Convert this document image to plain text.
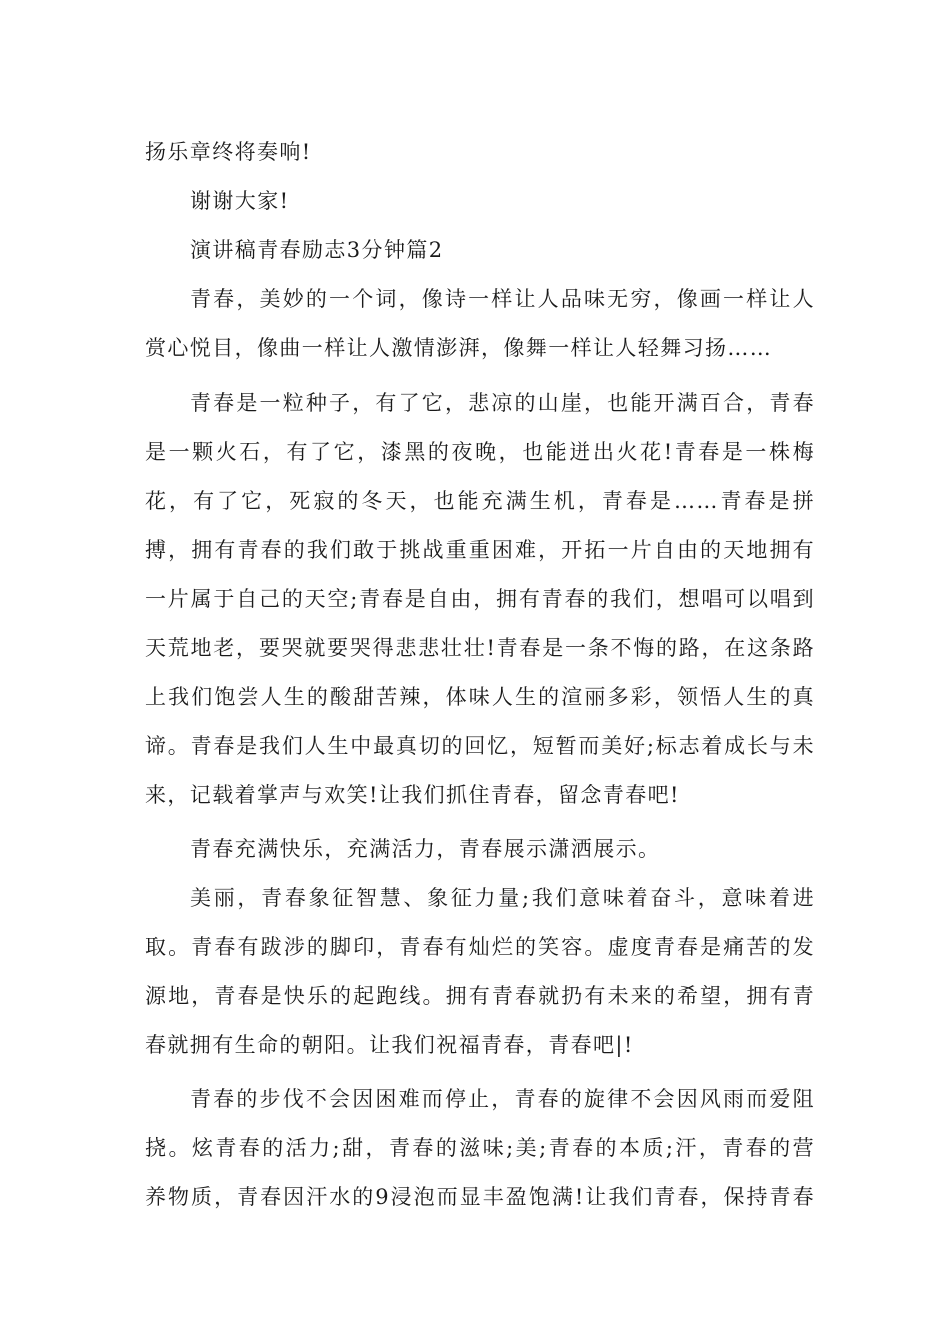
扬乐章终将奏响!
谢谢大家!
演讲稿青春励志3分钟篇2
青春，美妙的一个词，像诗一样让人品味无穷，像画一样让人
赏心悦目，像曲一样让人激情澎湃，像舞一样让人轻舞习扬……
青春是一粒种子，有了它，悲凉的山崖，也能开满百合，青春
是一颗火石，有了它，漆黑的夜晚，也能迸出火花!青春是一株梅
花，有了它，死寂的冬天，也能充满生机，青春是……青春是拼
搏，拥有青春的我们敢于挑战重重困难，开拓一片自由的天地拥有
一片属于自己的天空;青春是自由，拥有青春的我们，想唱可以唱到
天荒地老，要哭就要哭得悲悲壮壮!青春是一条不悔的路，在这条路
上我们饱尝人生的酸甜苦辣，体味人生的渲丽多彩，领悟人生的真
谛。青春是我们人生中最真切的回忆，短暂而美好;标志着成长与未
来，记载着掌声与欢笑!让我们抓住青春，留念青春吧!
青春充满快乐，充满活力，青春展示潇洒展示。
美丽，青春象征智慧、象征力量;我们意味着奋斗，意味着进
取。青春有跋涉的脚印，青春有灿烂的笑容。虚度青春是痛苦的发
源地，青春是快乐的起跑线。拥有青春就扔有未来的希望，拥有青
春就拥有生命的朝阳。让我们祝福青春，青春吧|!
青春的步伐不会因困难而停止，青春的旋律不会因风雨而爱阻
挠。炫青春的活力;甜，青春的滋味;美;青春的本质;汗，青春的营
养物质，青春因汗水的9浸泡而显丰盈饱满!让我们青春，保持青春
